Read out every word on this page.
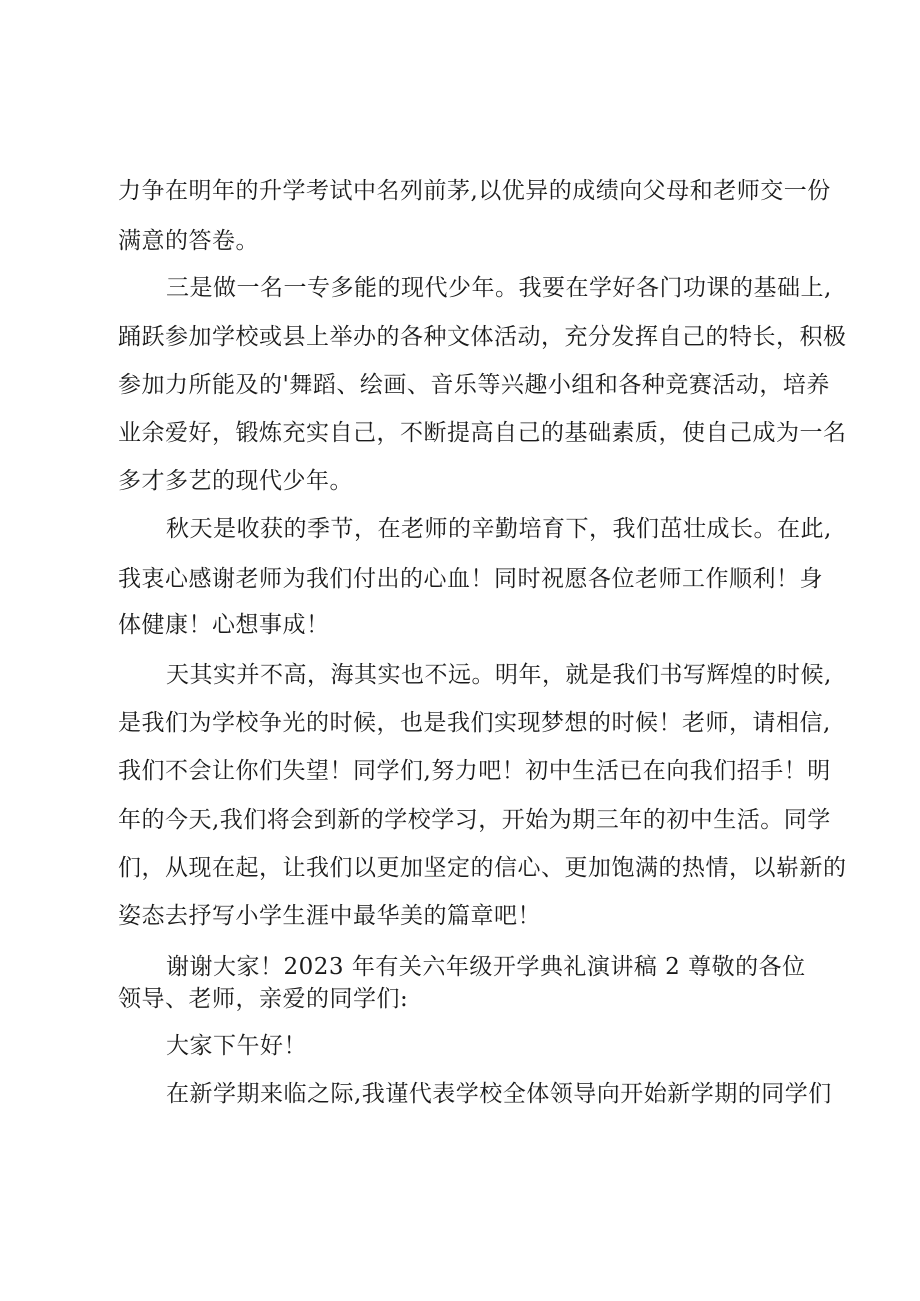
力争在明年的升学考试中名列前茅,以优异的成绩向父母和老师交一份
满意的答卷。
三是做一名一专多能的现代少年。我要在学好各门功课的基础上,
踊跃参加学校或县上举办的各种文体活动，充分发挥自己的特长，积极
参加力所能及的'舞蹈、绘画、音乐等兴趣小组和各种竞赛活动，培养
业余爱好，锻炼充实自己，不断提高自己的基础素质，使自己成为一名
多才多艺的现代少年。
秋天是收获的季节，在老师的辛勤培育下，我们茁壮成长。在此,
我衷心感谢老师为我们付出的心血！同时祝愿各位老师工作顺利！身
体健康！心想事成！
天其实并不高，海其实也不远。明年，就是我们书写辉煌的时候,
是我们为学校争光的时候，也是我们实现梦想的时候！老师，请相信,
我们不会让你们失望！同学们,努力吧！初中生活已在向我们招手！明
年的今天,我们将会到新的学校学习，开始为期三年的初中生活。同学
们，从现在起，让我们以更加坚定的信心、更加饱满的热情，以崭新的
姿态去抒写小学生涯中最华美的篇章吧！
谢谢大家！2023 年有关六年级开学典礼演讲稿 2 尊敬的各位
领导、老师，亲爱的同学们:
大家下午好！
在新学期来临之际,我谨代表学校全体领导向开始新学期的同学们
